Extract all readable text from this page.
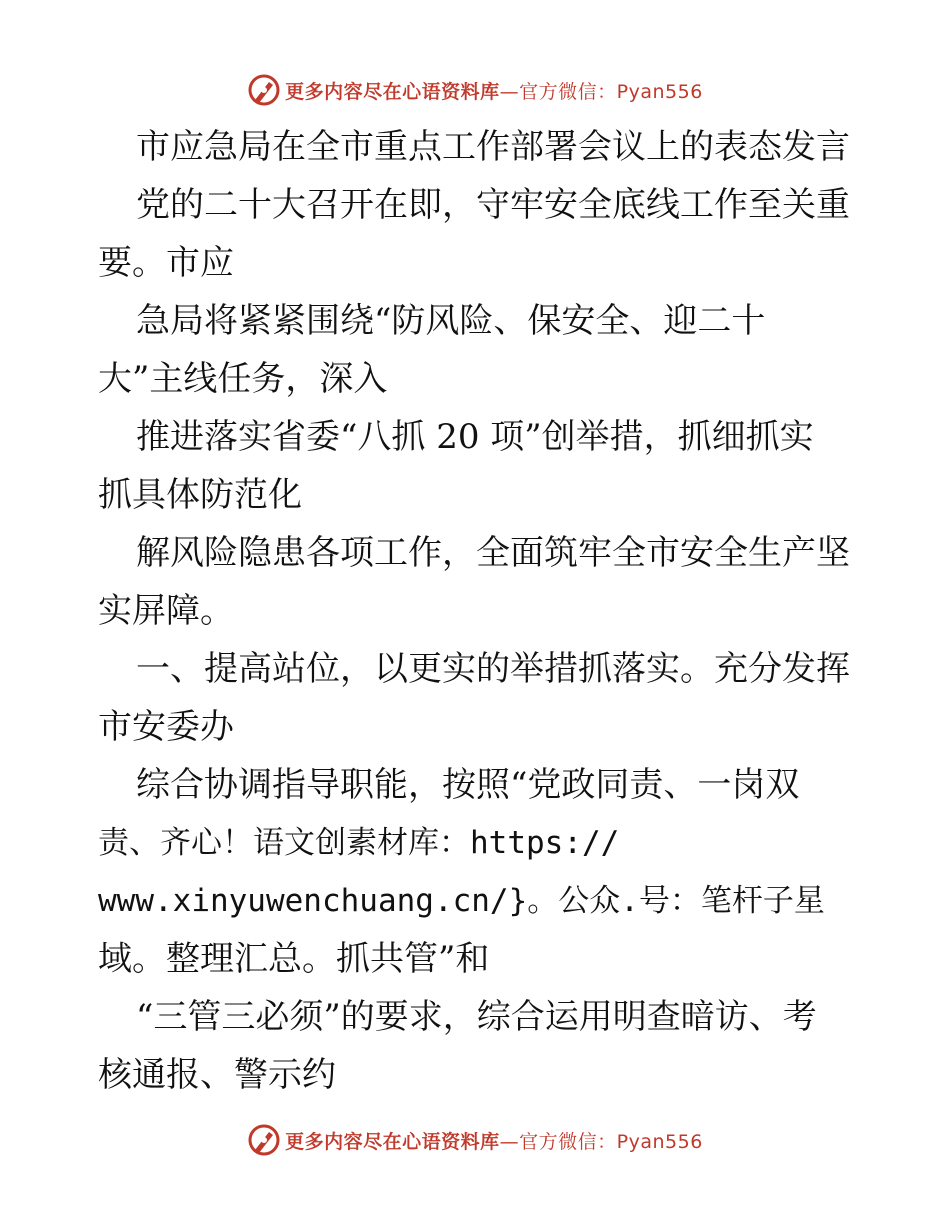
更多内容尽在心语资料库 —官方微信：Pyan556
市应急局在全市重点工作部署会议上的表态发言
党的二十大召开在即，守牢安全底线工作至关重
要。市应
急局将紧紧围绕“防风险、保安全、迎二十
大”主线任务，深入
推进落实省委“八抓 20 项”创举措，抓细抓实
抓具体防范化
解风险隐患各项工作，全面筑牢全市安全生产坚
实屏障。
一、提高站位，以更实的举措抓落实。充分发挥
市安委办
综合协调指导职能，按照“党政同责、一岗双
责、齐心！语文创素材库：https://
www.xinyuwenchuang.cn/}。公众.号：笔杆子星
域。整理汇总。抓共管”和
“三管三必须”的要求，综合运用明查暗访、考
核通报、警示约
更多内容尽在心语资料库 —官方微信：Pyan556
